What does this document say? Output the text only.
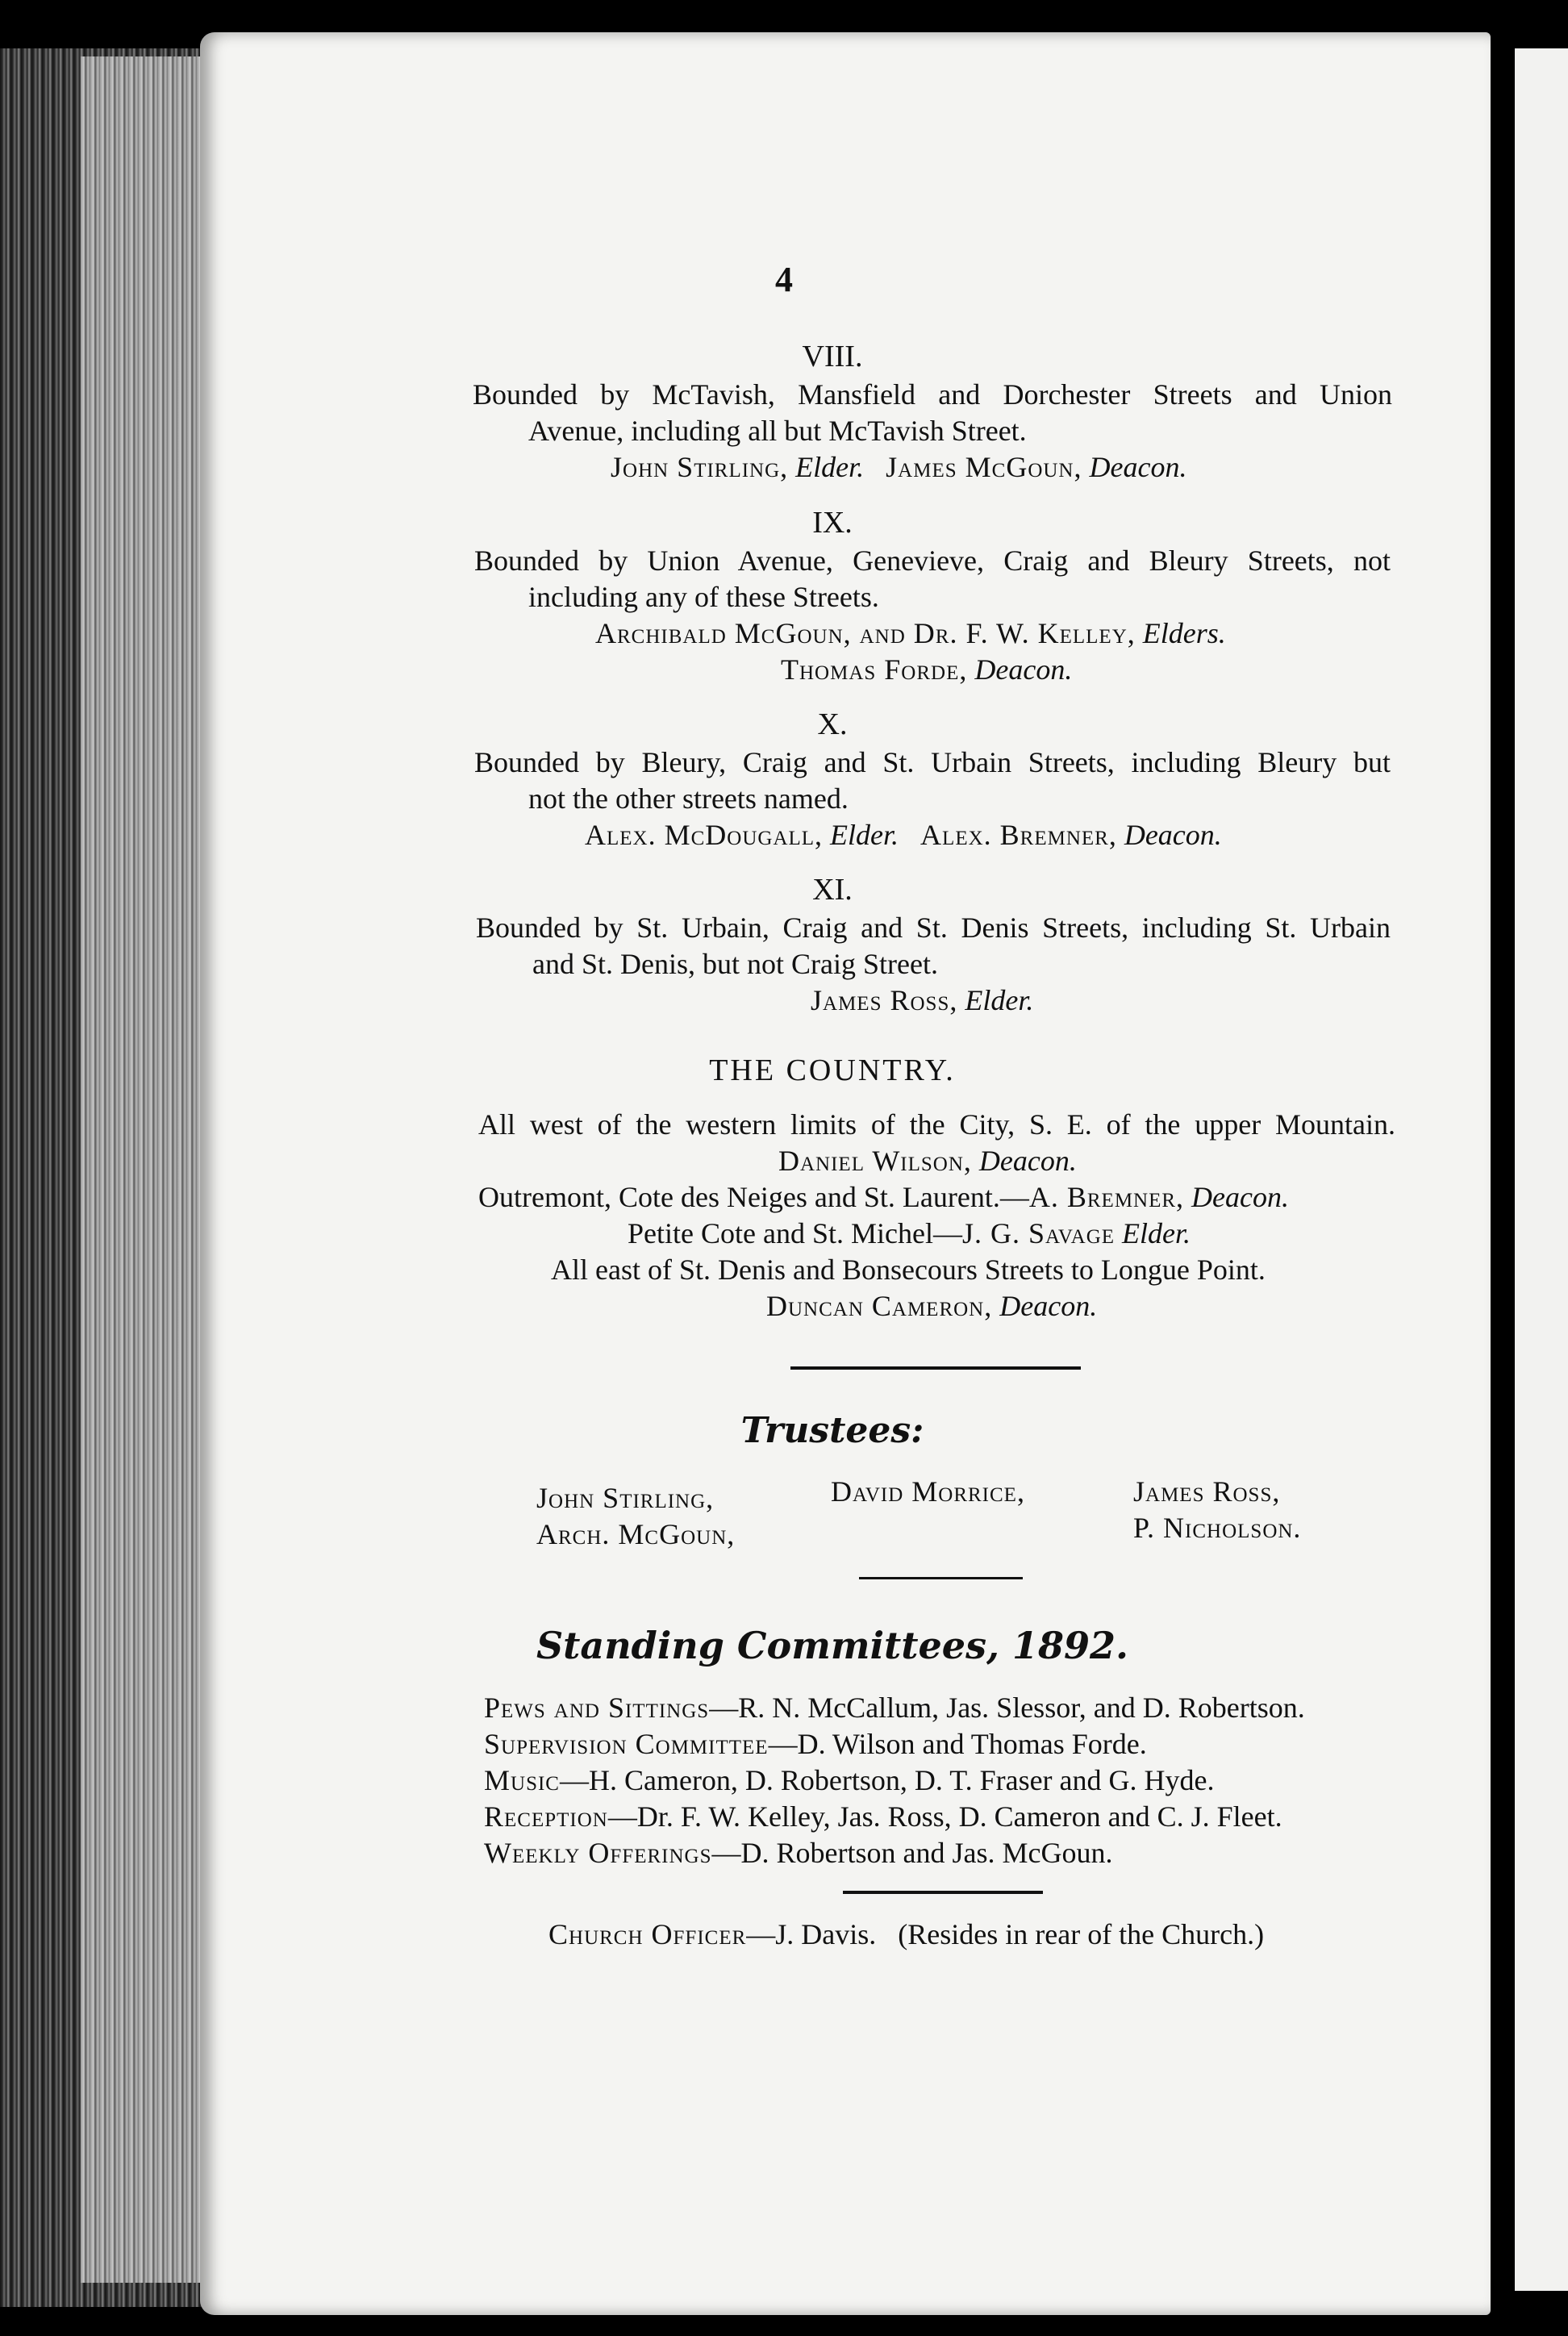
4
VIII.
Bounded by McTavish, Mansfield and Dorchester Streets and Union
Avenue, including all but McTavish Street.
John Stirling, Elder. James McGoun, Deacon.
IX.
Bounded by Union Avenue, Genevieve, Craig and Bleury Streets, not
including any of these Streets.
Archibald McGoun, and Dr. F. W. Kelley, Elders.
Thomas Forde, Deacon.
X.
Bounded by Bleury, Craig and St. Urbain Streets, including Bleury but
not the other streets named.
Alex. McDougall, Elder. Alex. Bremner, Deacon.
XI.
Bounded by St. Urbain, Craig and St. Denis Streets, including St. Urbain
and St. Denis, but not Craig Street.
James Ross, Elder.
THE COUNTRY.
All west of the western limits of the City, S. E. of the upper Mountain.
Daniel Wilson, Deacon.
Outremont, Cote des Neiges and St. Laurent.—A. Bremner, Deacon.
Petite Cote and St. Michel—J. G. Savage Elder.
All east of St. Denis and Bonsecours Streets to Longue Point.
Duncan Cameron, Deacon.
Trustees:
John Stirling,
Arch. McGoun,
David Morrice,	James Ross,
P. Nicholson.
Standing Committees, 1892.
Pews and Sittings—R. N. McCallum, Jas. Slessor, and D. Robertson.
Supervision Committee—D. Wilson and Thomas Forde.
Music—H. Cameron, D. Robertson, D. T. Fraser and G. Hyde.
Reception—Dr. F. W. Kelley, Jas. Ross, D. Cameron and C. J. Fleet.
Weekly Offerings—D. Robertson and Jas. McGoun.
Church Officer—J. Davis. (Resides in rear of the Church.)
